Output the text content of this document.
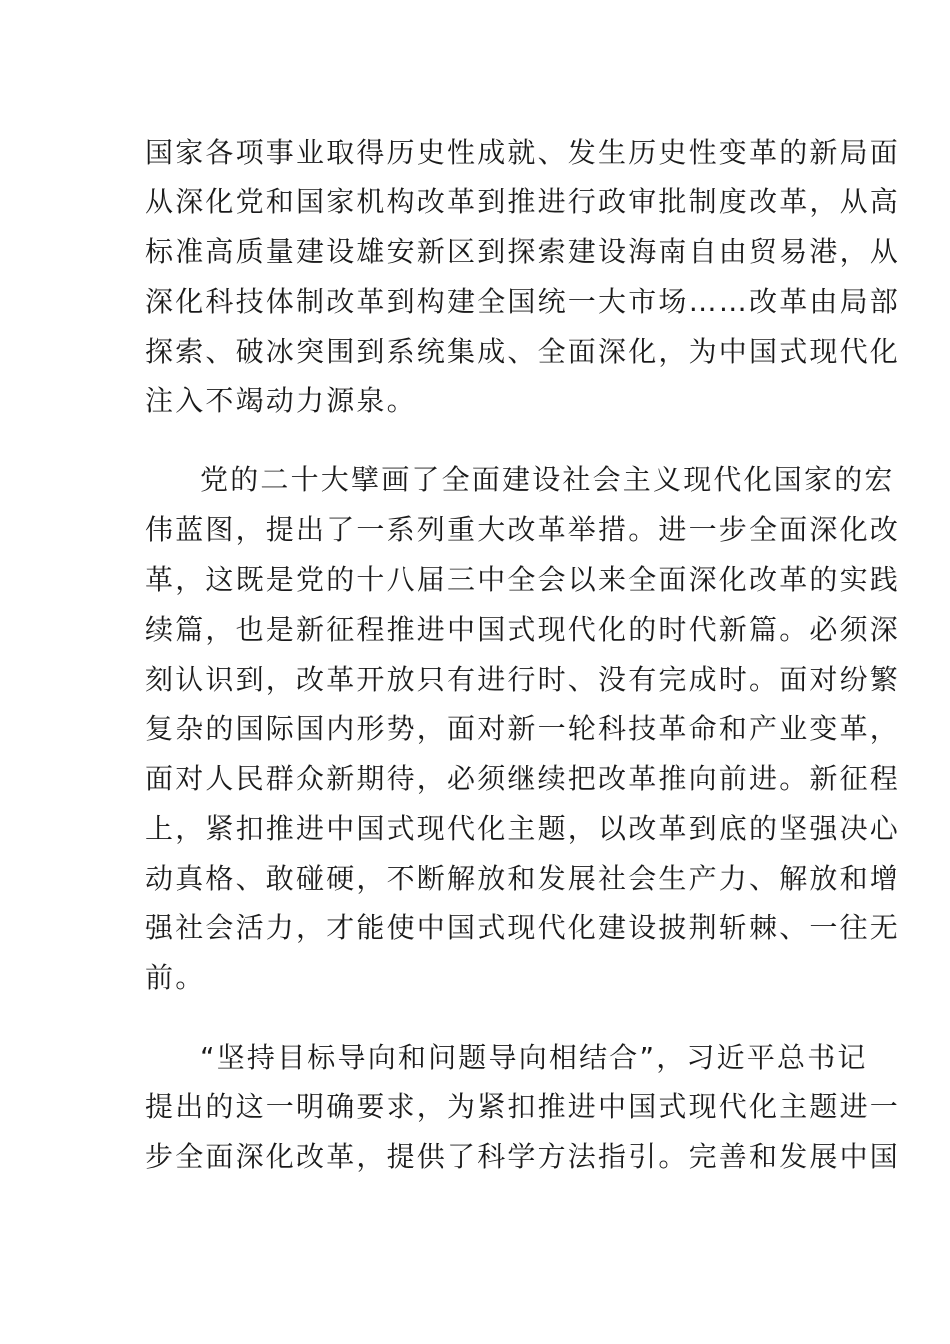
国家各项事业取得历史性成就、发生历史性变革的新局面

从深化党和国家机构改革到推进行政审批制度改革，从高

标准高质量建设雄安新区到探索建设海南自由贸易港，从

深化科技体制改革到构建全国统一大市场……改革由局部

探索、破冰突围到系统集成、全面深化，为中国式现代化

注入不竭动力源泉。

党的二十大擘画了全面建设社会主义现代化国家的宏

伟蓝图，提出了一系列重大改革举措。进一步全面深化改

革，这既是党的十八届三中全会以来全面深化改革的实践

续篇，也是新征程推进中国式现代化的时代新篇。必须深

刻认识到，改革开放只有进行时、没有完成时。面对纷繁

复杂的国际国内形势，面对新一轮科技革命和产业变革，

面对人民群众新期待，必须继续把改革推向前进。新征程

上，紧扣推进中国式现代化主题，以改革到底的坚强决心

动真格、敢碰硬，不断解放和发展社会生产力、解放和增

强社会活力，才能使中国式现代化建设披荆斩棘、一往无

前。

“坚持目标导向和问题导向相结合”，习近平总书记

提出的这一明确要求，为紧扣推进中国式现代化主题进一

步全面深化改革，提供了科学方法指引。完善和发展中国
